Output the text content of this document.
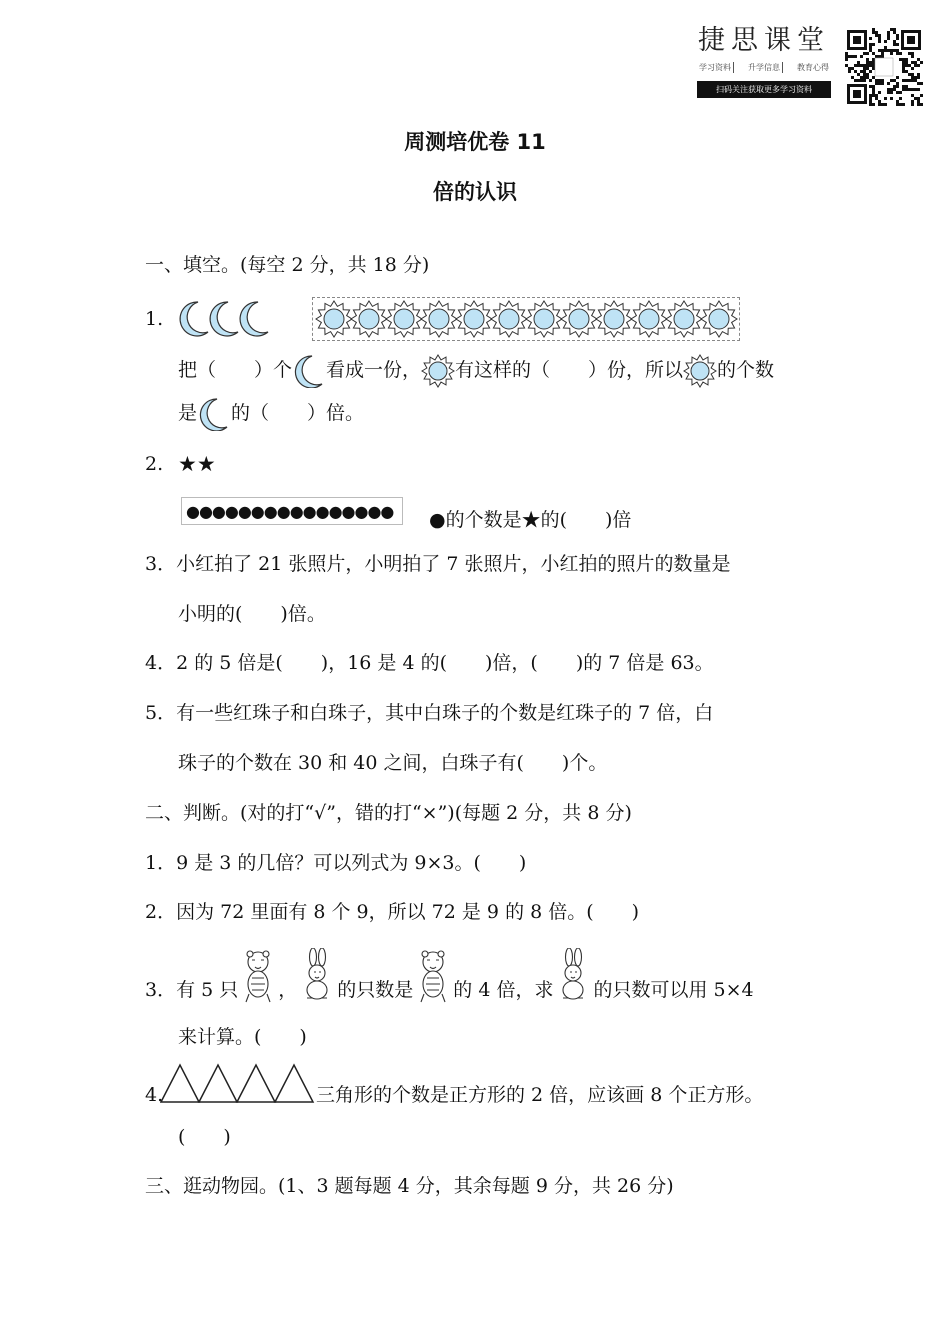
捷思课堂
学习资料	升学信息	教育心得
扫码关注获取更多学习资料
周测培优卷 11
倍的认识
一、填空。(每空 2 分，共 18 分)
1.
把（　　）个 看成一份， 有这样的（　　）份，所以 的个数
是 的（　　）倍。
2. ★★
●●●●●●●●●●●●●●●●	●的个数是★的(　　)倍
3．小红拍了 21 张照片，小明拍了 7 张照片，小红拍的照片的数量是
小明的(　　)倍。
4．2 的 5 倍是(　　)，16 是 4 的(　　)倍，(　　)的 7 倍是 63。
5．有一些红珠子和白珠子，其中白珠子的个数是红珠子的 7 倍，白
珠子的个数在 30 和 40 之间，白珠子有(　　)个。
二、判断。(对的打“√”，错的打“×”)(每题 2 分，共 8 分)
1．9 是 3 的几倍？可以列式为 9×3。(　　)
2．因为 72 里面有 8 个 9，所以 72 是 9 的 8 倍。(　　)
3．有 5 只 ， 的只数是 的 4 倍，求 的只数可以用 5×4
来计算。(　　)
4.	三角形的个数是正方形的 2 倍，应该画 8 个正方形。
(　　)
三、逛动物园。(1、3 题每题 4 分，其余每题 9 分，共 26 分)
